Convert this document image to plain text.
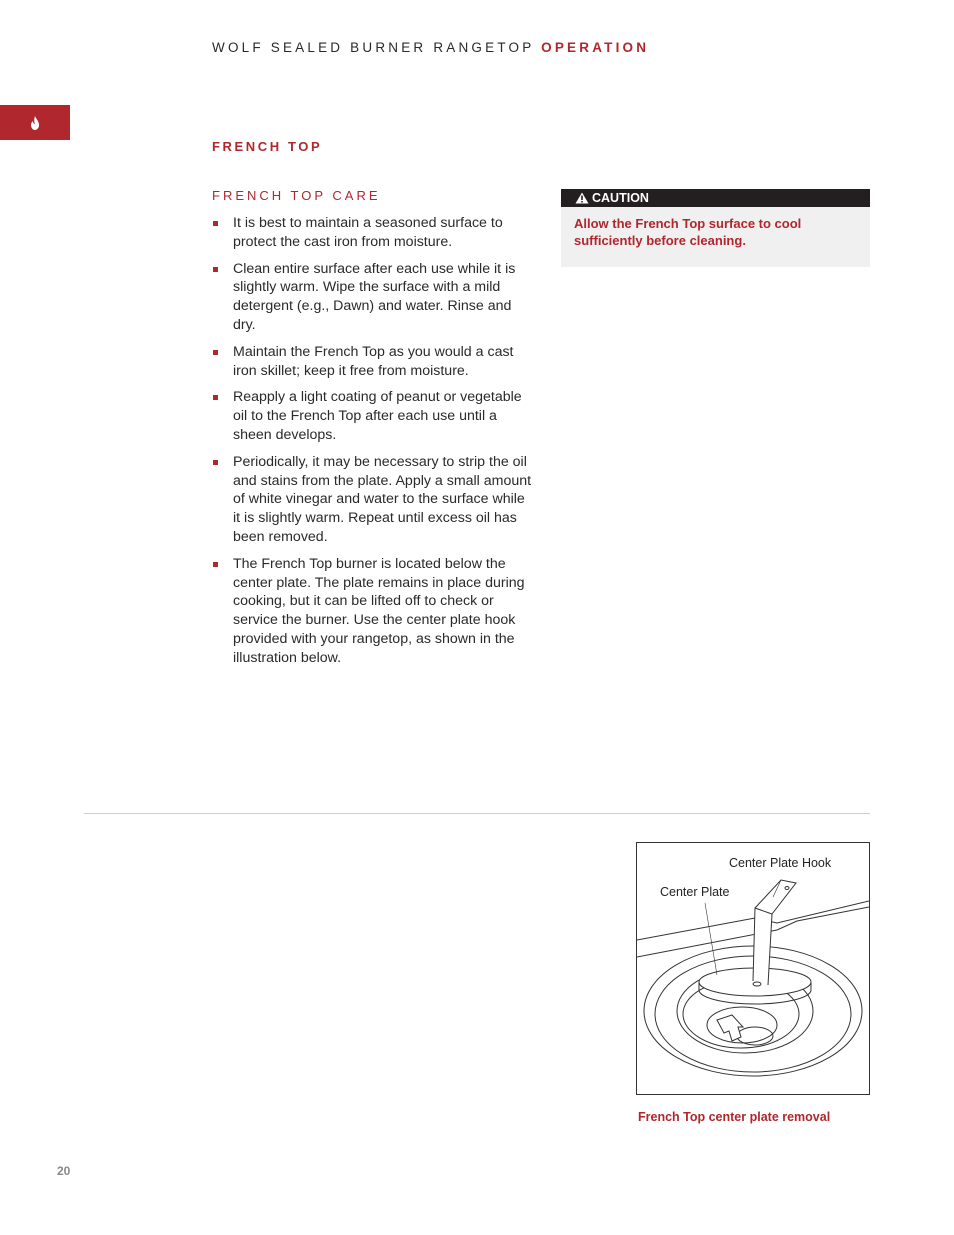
WOLF SEALED BURNER RANGETOP OPERATION
FRENCH TOP
FRENCH TOP CARE
It is best to maintain a seasoned surface to protect the cast iron from moisture.
Clean entire surface after each use while it is slightly warm. Wipe the surface with a mild detergent (e.g., Dawn) and water. Rinse and dry.
Maintain the French Top as you would a cast iron skillet; keep it free from moisture.
Reapply a light coating of peanut or vegetable oil to the French Top after each use until a sheen develops.
Periodically, it may be necessary to strip the oil and stains from the plate. Apply a small amount of white vinegar and water to the surface while it is slightly warm. Repeat until excess oil has been removed.
The French Top burner is located below the center plate. The plate remains in place during cooking, but it can be lifted off to check or service the burner. Use the center plate hook provided with your rangetop, as shown in the illustration below.
CAUTION
Allow the French Top surface to cool sufficiently before cleaning.
Center Plate Hook
Center Plate
French Top center plate removal
20
